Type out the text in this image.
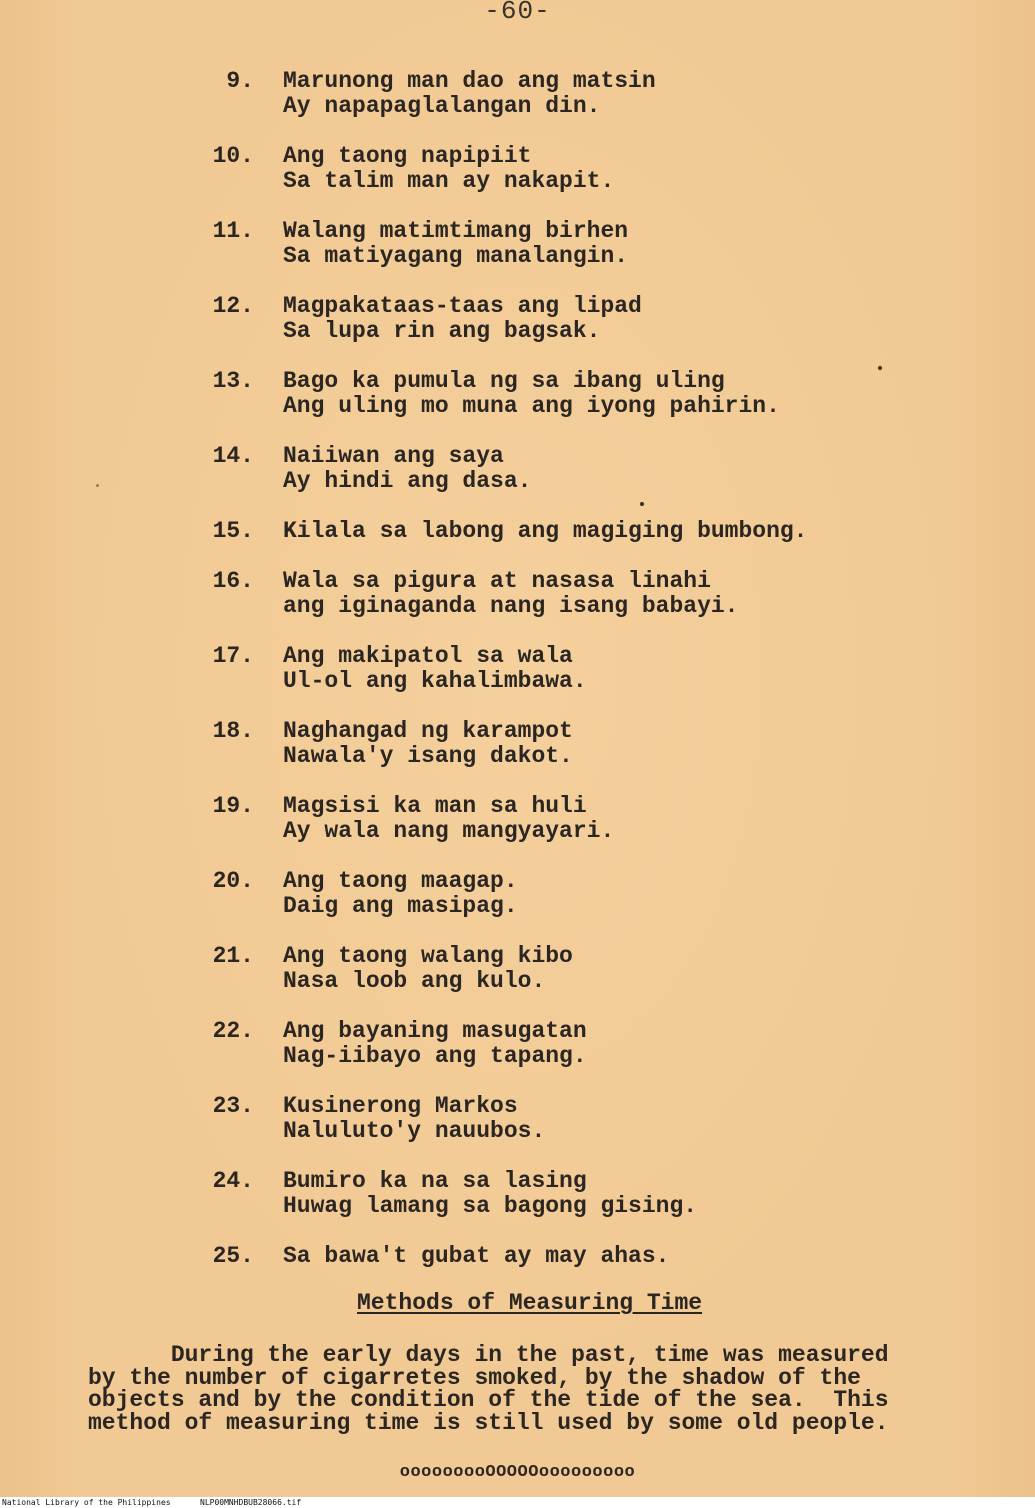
-60-
9. Marunong man dao ang matsin
Ay napapaglalangan din.
10. Ang taong napipiit
Sa talim man ay nakapit.
11. Walang matimtimang birhen
Sa matiyagang manalangin.
12. Magpakataas-taas ang lipad
Sa lupa rin ang bagsak.
13. Bago ka pumula ng sa ibang uling
Ang uling mo muna ang iyong pahirin.
14. Naiiwan ang saya
Ay hindi ang dasa.
15. Kilala sa labong ang magiging bumbong.
16. Wala sa pigura at nasasa linahi
ang iginaganda nang isang babayi.
17. Ang makipatol sa wala
Ul-ol ang kahalimbawa.
18. Naghangad ng karampot
Nawala'y isang dakot.
19. Magsisi ka man sa huli
Ay wala nang mangyayari.
20. Ang taong maagap.
Daig ang masipag.
21. Ang taong walang kibo
Nasa loob ang kulo.
22. Ang bayaning masugatan
Nag-iibayo ang tapang.
23. Kusinerong Markos
Naluluto'y nauubos.
24. Bumiro ka na sa lasing
Huwag lamang sa bagong gising.
25. Sa bawa't gubat ay may ahas.
Methods of Measuring Time
During the early days in the past, time was measured
by the number of cigarretes smoked, by the shadow of the
objects and by the condition of the tide of the sea.  This
method of measuring time is still used by some old people.
ooooooooOOOOOooooooooo
National Library of the Philippines	NLP00MNHDBUB28066.tif
